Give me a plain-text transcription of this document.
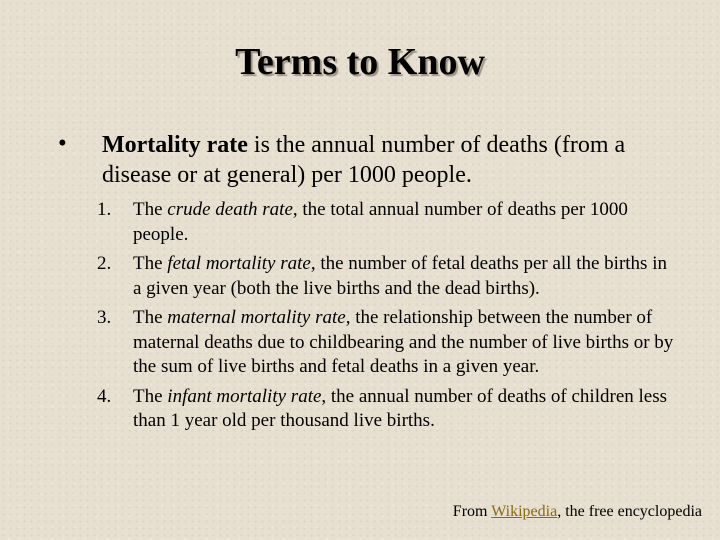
Terms to Know
• Mortality rate is the annual number of deaths (from a disease or at general) per 1000 people.
1. The crude death rate, the total annual number of deaths per 1000 people.
2. The fetal mortality rate, the number of fetal deaths per all the births in a given year (both the live births and the dead births).
3. The maternal mortality rate, the relationship between the number of maternal deaths due to childbearing and the number of live births or by the sum of live births and fetal deaths in a given year.
4. The infant mortality rate, the annual number of deaths of children less than 1 year old per thousand live births.
From Wikipedia, the free encyclopedia
